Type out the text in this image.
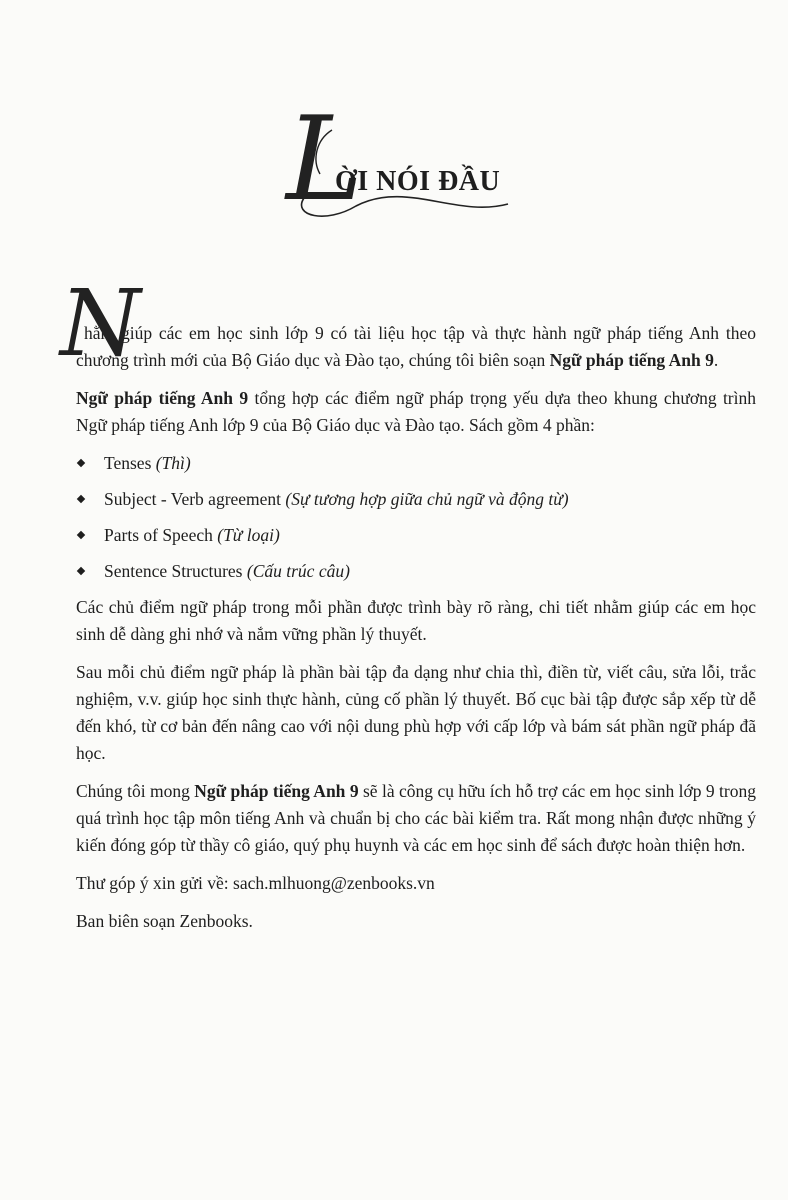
L
ỜI NÓI ĐẦU

N
hằm giúp các em học sinh lớp 9 có tài liệu học tập và thực hành ngữ pháp tiếng Anh theo chương trình mới của Bộ Giáo dục và Đào tạo, chúng tôi biên soạn Ngữ pháp tiếng Anh 9.

Ngữ pháp tiếng Anh 9 tổng hợp các điểm ngữ pháp trọng yếu dựa theo khung chương trình Ngữ pháp tiếng Anh lớp 9 của Bộ Giáo dục và Đào tạo. Sách gồm 4 phần:

Tenses (Thì)
Subject - Verb agreement (Sự tương hợp giữa chủ ngữ và động từ)
Parts of Speech (Từ loại)
Sentence Structures (Cấu trúc câu)

Các chủ điểm ngữ pháp trong mỗi phần được trình bày rõ ràng, chi tiết nhằm giúp các em học sinh dễ dàng ghi nhớ và nắm vững phần lý thuyết.

Sau mỗi chủ điểm ngữ pháp là phần bài tập đa dạng như chia thì, điền từ, viết câu, sửa lỗi, trắc nghiệm, v.v. giúp học sinh thực hành, củng cố phần lý thuyết. Bố cục bài tập được sắp xếp từ dễ đến khó, từ cơ bản đến nâng cao với nội dung phù hợp với cấp lớp và bám sát phần ngữ pháp đã học.

Chúng tôi mong Ngữ pháp tiếng Anh 9 sẽ là công cụ hữu ích hỗ trợ các em học sinh lớp 9 trong quá trình học tập môn tiếng Anh và chuẩn bị cho các bài kiểm tra. Rất mong nhận được những ý kiến đóng góp từ thầy cô giáo, quý phụ huynh và các em học sinh để sách được hoàn thiện hơn.

Thư góp ý xin gửi về: sach.mlhuong@zenbooks.vn

Ban biên soạn Zenbooks.
